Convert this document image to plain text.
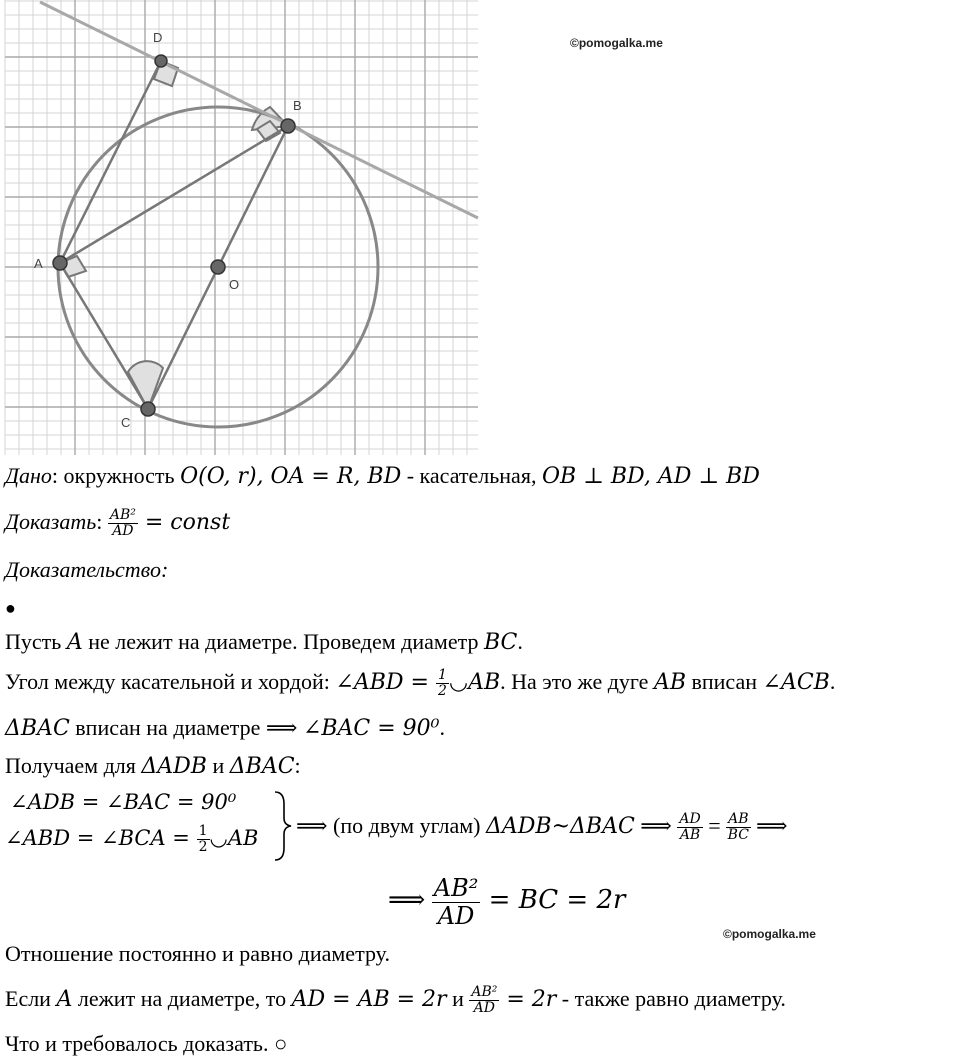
D
B
A
O
C
©pomogalka.me
Дано: окружность O(O, r), OA = R, BD - касательная, OB ⊥ BD, AD ⊥ BD
Доказать: $\frac{\text{AB²}}{AD}$ = const
Доказательство:
●
Пусть A не лежит на диаметре. Проведем диаметр BC.
Угол между касательной и хордой: ∠ABD = $\frac{1}{2}$ ◡AB. На это же дуге AB вписан ∠ACB.
ΔBAC вписан на диаметре ⟹ ∠BAC = 90⁰.
Получаем для ΔADB и ΔBAC:
∠ADB = ∠BAC = 90⁰
∠ABD = ∠BCA = $\frac{1}{2}$ ◡AB ⟹ (по двум углам) ΔADB~ΔBAC ⟹ $\frac{AD}{AB} = \frac{AB}{BC}$ ⟹
⟹ $\frac{\text{AB²}}{AD}$ = BC = 2r
©pomogalka.me
Отношение постоянно и равно диаметру.
Если A лежит на диаметре, то AD = AB = 2r и $\frac{\text{AB²}}{AD} = 2r$ - также равно диаметру.
Что и требовалось доказать. ○
